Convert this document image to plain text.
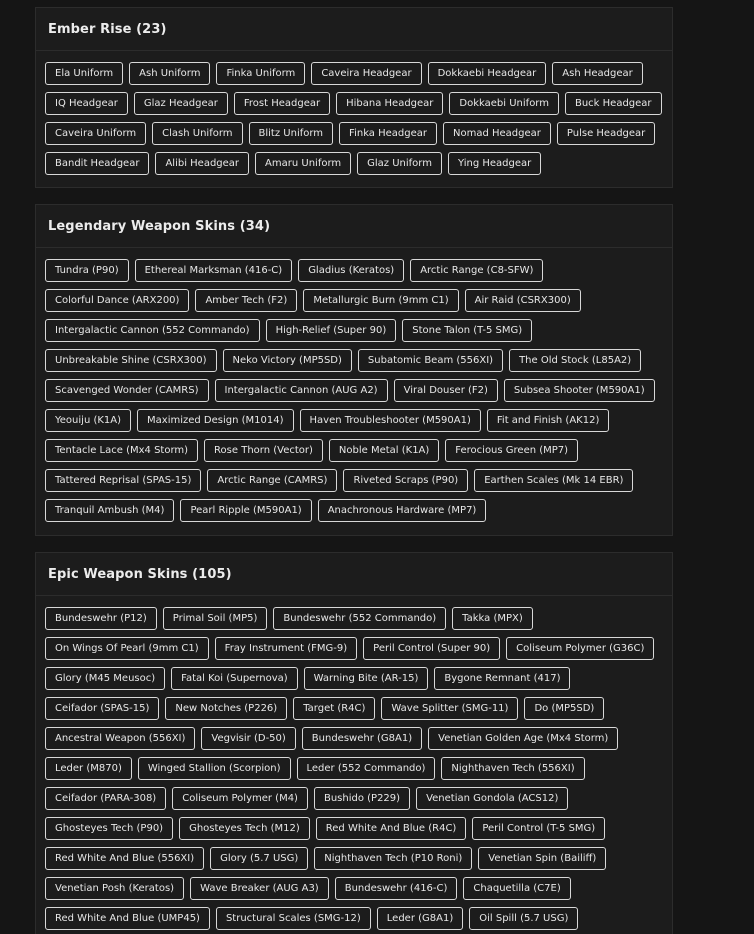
Ember Rise (23)
Ela Uniform	Ash Uniform	Finka Uniform	Caveira Headgear	Dokkaebi Headgear	Ash Headgear
IQ Headgear	Glaz Headgear	Frost Headgear	Hibana Headgear	Dokkaebi Uniform	Buck Headgear
Caveira Uniform	Clash Uniform	Blitz Uniform	Finka Headgear	Nomad Headgear	Pulse Headgear
Bandit Headgear	Alibi Headgear	Amaru Uniform	Glaz Uniform	Ying Headgear
Legendary Weapon Skins (34)
Tundra (P90)	Ethereal Marksman (416-C)	Gladius (Keratos)	Arctic Range (C8-SFW)
Colorful Dance (ARX200)	Amber Tech (F2)	Metallurgic Burn (9mm C1)	Air Raid (CSRX300)
Intergalactic Cannon (552 Commando)	High-Relief (Super 90)	Stone Talon (T-5 SMG)
Unbreakable Shine (CSRX300)	Neko Victory (MP5SD)	Subatomic Beam (556XI)	The Old Stock (L85A2)
Scavenged Wonder (CAMRS)	Intergalactic Cannon (AUG A2)	Viral Douser (F2)	Subsea Shooter (M590A1)
Yeouiju (K1A)	Maximized Design (M1014)	Haven Troubleshooter (M590A1)	Fit and Finish (AK12)
Tentacle Lace (Mx4 Storm)	Rose Thorn (Vector)	Noble Metal (K1A)	Ferocious Green (MP7)
Tattered Reprisal (SPAS-15)	Arctic Range (CAMRS)	Riveted Scraps (P90)	Earthen Scales (Mk 14 EBR)
Tranquil Ambush (M4)	Pearl Ripple (M590A1)	Anachronous Hardware (MP7)
Epic Weapon Skins (105)
Bundeswehr (P12)	Primal Soil (MP5)	Bundeswehr (552 Commando)	Takka (MPX)
On Wings Of Pearl (9mm C1)	Fray Instrument (FMG-9)	Peril Control (Super 90)	Coliseum Polymer (G36C)
Glory (M45 Meusoc)	Fatal Koi (Supernova)	Warning Bite (AR-15)	Bygone Remnant (417)
Ceifador (SPAS-15)	New Notches (P226)	Target (R4C)	Wave Splitter (SMG-11)	Do (MP5SD)
Ancestral Weapon (556XI)	Vegvisir (D-50)	Bundeswehr (G8A1)	Venetian Golden Age (Mx4 Storm)
Leder (M870)	Winged Stallion (Scorpion)	Leder (552 Commando)	Nighthaven Tech (556XI)
Ceifador (PARA-308)	Coliseum Polymer (M4)	Bushido (P229)	Venetian Gondola (ACS12)
Ghosteyes Tech (P90)	Ghosteyes Tech (M12)	Red White And Blue (R4C)	Peril Control (T-5 SMG)
Red White And Blue (556XI)	Glory (5.7 USG)	Nighthaven Tech (P10 Roni)	Venetian Spin (Bailiff)
Venetian Posh (Keratos)	Wave Breaker (AUG A3)	Bundeswehr (416-C)	Chaquetilla (C7E)
Red White And Blue (UMP45)	Structural Scales (SMG-12)	Leder (G8A1)	Oil Spill (5.7 USG)
